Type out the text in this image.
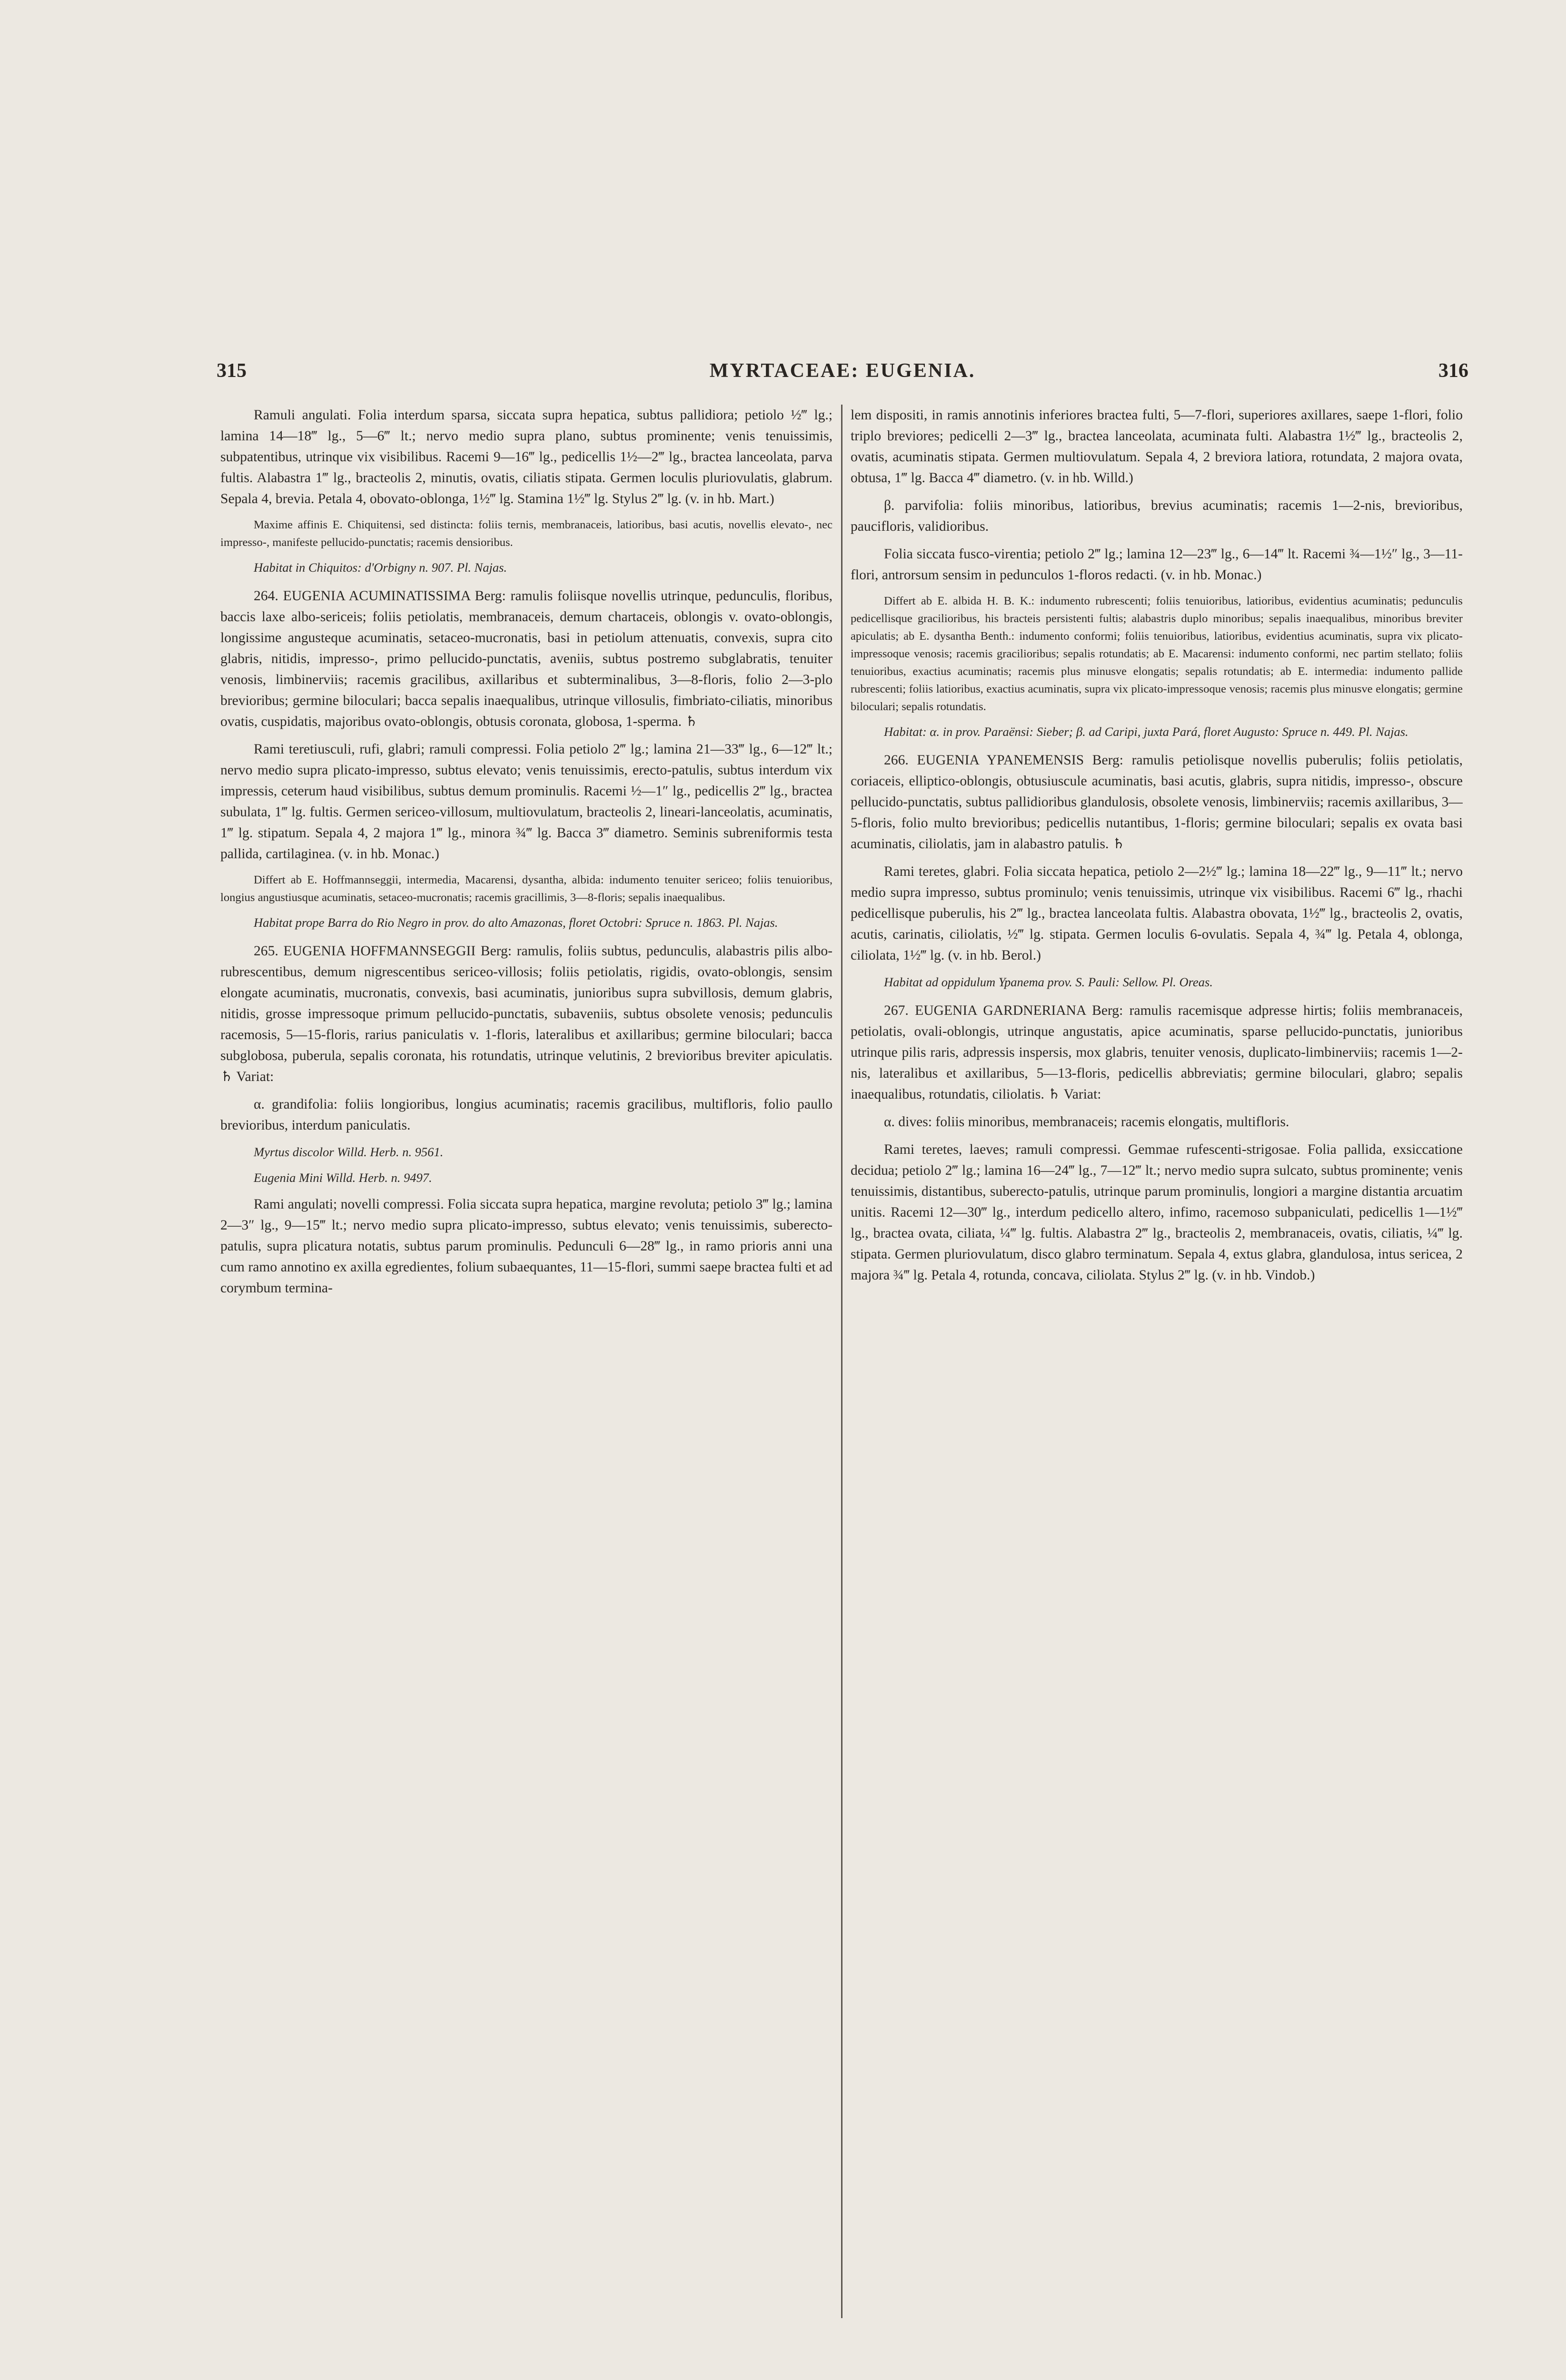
315	MYRTACEAE: EUGENIA.	316

Ramuli angulati. Folia interdum sparsa, siccata supra hepatica, subtus pallidiora; petiolo ½‴ lg.; lamina 14—18‴ lg., 5—6‴ lt.; nervo medio supra plano, subtus prominente; venis tenuissimis, subpatentibus, utrinque vix visibilibus. Racemi 9—16‴ lg., pedicellis 1½—2‴ lg., bractea lanceolata, parva fultis. Alabastra 1‴ lg., bracteolis 2, minutis, ovatis, ciliatis stipata. Germen loculis pluriovulatis, glabrum. Sepala 4, brevia. Petala 4, obovato-oblonga, 1½‴ lg. Stamina 1½‴ lg. Stylus 2‴ lg. (v. in hb. Mart.)

Maxime affinis E. Chiquitensi, sed distincta: foliis ternis, membranaceis, latioribus, basi acutis, novellis elevato-, nec impresso-, manifeste pellucido-punctatis; racemis densioribus.

Habitat in Chiquitos: d'Orbigny n. 907. Pl. Najas.

264. EUGENIA ACUMINATISSIMA Berg: ramulis foliisque novellis utrinque, pedunculis, floribus, baccis laxe albo-sericeis; foliis petiolatis, membranaceis, demum chartaceis, oblongis v. ovato-oblongis, longissime angusteque acuminatis, setaceo-mucronatis, basi in petiolum attenuatis, convexis, supra cito glabris, nitidis, impresso-, primo pellucido-punctatis, aveniis, subtus postremo subglabratis, tenuiter venosis, limbinerviis; racemis gracilibus, axillaribus et subterminalibus, 3—8-floris, folio 2—3-plo brevioribus; germine biloculari; bacca sepalis inaequalibus, utrinque villosulis, fimbriato-ciliatis, minoribus ovatis, cuspidatis, majoribus ovato-oblongis, obtusis coronata, globosa, 1-sperma. ♄

Rami teretiusculi, rufi, glabri; ramuli compressi. Folia petiolo 2‴ lg.; lamina 21—33‴ lg., 6—12‴ lt.; nervo medio supra plicato-impresso, subtus elevato; venis tenuissimis, erecto-patulis, subtus interdum vix impressis, ceterum haud visibilibus, subtus demum prominulis. Racemi ½—1″ lg., pedicellis 2‴ lg., bractea subulata, 1‴ lg. fultis. Germen sericeo-villosum, multiovulatum, bracteolis 2, lineari-lanceolatis, acuminatis, 1‴ lg. stipatum. Sepala 4, 2 majora 1‴ lg., minora ¾‴ lg. Bacca 3‴ diametro. Seminis subreniformis testa pallida, cartilaginea. (v. in hb. Monac.)

Differt ab E. Hoffmannseggii, intermedia, Macarensi, dysantha, albida: indumento tenuiter sericeo; foliis tenuioribus, longius angustiusque acuminatis, setaceo-mucronatis; racemis gracillimis, 3—8-floris; sepalis inaequalibus.

Habitat prope Barra do Rio Negro in prov. do alto Amazonas, floret Octobri: Spruce n. 1863. Pl. Najas.

265. EUGENIA HOFFMANNSEGGII Berg: ramulis, foliis subtus, pedunculis, alabastris pilis albo-rubrescentibus, demum nigrescentibus sericeo-villosis; foliis petiolatis, rigidis, ovato-oblongis, sensim elongate acuminatis, mucronatis, convexis, basi acuminatis, junioribus supra subvillosis, demum glabris, nitidis, grosse impressoque primum pellucido-punctatis, subaveniis, subtus obsolete venosis; pedunculis racemosis, 5—15-floris, rarius paniculatis v. 1-floris, lateralibus et axillaribus; germine biloculari; bacca subglobosa, puberula, sepalis coronata, his rotundatis, utrinque velutinis, 2 brevioribus breviter apiculatis. ♄ Variat:

α. grandifolia: foliis longioribus, longius acuminatis; racemis gracilibus, multifloris, folio paullo brevioribus, interdum paniculatis.

Myrtus discolor Willd. Herb. n. 9561.

Eugenia Mini Willd. Herb. n. 9497.

Rami angulati; novelli compressi. Folia siccata supra hepatica, margine revoluta; petiolo 3‴ lg.; lamina 2—3″ lg., 9—15‴ lt.; nervo medio supra plicato-impresso, subtus elevato; venis tenuissimis, suberecto-patulis, supra plicatura notatis, subtus parum prominulis. Pedunculi 6—28‴ lg., in ramo prioris anni una cum ramo annotino ex axilla egredientes, folium subaequantes, 11—15-flori, summi saepe bractea fulti et ad corymbum termina-

lem dispositi, in ramis annotinis inferiores bractea fulti, 5—7-flori, superiores axillares, saepe 1-flori, folio triplo breviores; pedicelli 2—3‴ lg., bractea lanceolata, acuminata fulti. Alabastra 1½‴ lg., bracteolis 2, ovatis, acuminatis stipata. Germen multiovulatum. Sepala 4, 2 breviora latiora, rotundata, 2 majora ovata, obtusa, 1‴ lg. Bacca 4‴ diametro. (v. in hb. Willd.)

β. parvifolia: foliis minoribus, latioribus, brevius acuminatis; racemis 1—2-nis, brevioribus, paucifloris, validioribus.

Folia siccata fusco-virentia; petiolo 2‴ lg.; lamina 12—23‴ lg., 6—14‴ lt. Racemi ¾—1½″ lg., 3—11-flori, antrorsum sensim in pedunculos 1-floros redacti. (v. in hb. Monac.)

Differt ab E. albida H. B. K.: indumento rubrescenti; foliis tenuioribus, latioribus, evidentius acuminatis; pedunculis pedicellisque gracilioribus, his bracteis persistenti fultis; alabastris duplo minoribus; sepalis inaequalibus, minoribus breviter apiculatis; ab E. dysantha Benth.: indumento conformi; foliis tenuioribus, latioribus, evidentius acuminatis, supra vix plicato-impressoque venosis; racemis gracilioribus; sepalis rotundatis; ab E. Macarensi: indumento conformi, nec partim stellato; foliis tenuioribus, exactius acuminatis; racemis plus minusve elongatis; sepalis rotundatis; ab E. intermedia: indumento pallide rubrescenti; foliis latioribus, exactius acuminatis, supra vix plicato-impressoque venosis; racemis plus minusve elongatis; germine biloculari; sepalis rotundatis.

Habitat: α. in prov. Paraënsi: Sieber; β. ad Caripi, juxta Pará, floret Augusto: Spruce n. 449. Pl. Najas.

266. EUGENIA YPANEMENSIS Berg: ramulis petiolisque novellis puberulis; foliis petiolatis, coriaceis, elliptico-oblongis, obtusiuscule acuminatis, basi acutis, glabris, supra nitidis, impresso-, obscure pellucido-punctatis, subtus pallidioribus glandulosis, obsolete venosis, limbinerviis; racemis axillaribus, 3—5-floris, folio multo brevioribus; pedicellis nutantibus, 1-floris; germine biloculari; sepalis ex ovata basi acuminatis, ciliolatis, jam in alabastro patulis. ♄

Rami teretes, glabri. Folia siccata hepatica, petiolo 2—2½‴ lg.; lamina 18—22‴ lg., 9—11‴ lt.; nervo medio supra impresso, subtus prominulo; venis tenuissimis, utrinque vix visibilibus. Racemi 6‴ lg., rhachi pedicellisque puberulis, his 2‴ lg., bractea lanceolata fultis. Alabastra obovata, 1½‴ lg., bracteolis 2, ovatis, acutis, carinatis, ciliolatis, ½‴ lg. stipata. Germen loculis 6-ovulatis. Sepala 4, ¾‴ lg. Petala 4, oblonga, ciliolata, 1½‴ lg. (v. in hb. Berol.)

Habitat ad oppidulum Ypanema prov. S. Pauli: Sellow. Pl. Oreas.

267. EUGENIA GARDNERIANA Berg: ramulis racemisque adpresse hirtis; foliis membranaceis, petiolatis, ovali-oblongis, utrinque angustatis, apice acuminatis, sparse pellucido-punctatis, junioribus utrinque pilis raris, adpressis inspersis, mox glabris, tenuiter venosis, duplicato-limbinerviis; racemis 1—2-nis, lateralibus et axillaribus, 5—13-floris, pedicellis abbreviatis; germine biloculari, glabro; sepalis inaequalibus, rotundatis, ciliolatis. ♄ Variat:

α. dives: foliis minoribus, membranaceis; racemis elongatis, multifloris.

Rami teretes, laeves; ramuli compressi. Gemmae rufescenti-strigosae. Folia pallida, exsiccatione decidua; petiolo 2‴ lg.; lamina 16—24‴ lg., 7—12‴ lt.; nervo medio supra sulcato, subtus prominente; venis tenuissimis, distantibus, suberecto-patulis, utrinque parum prominulis, longiori a margine distantia arcuatim unitis. Racemi 12—30‴ lg., interdum pedicello altero, infimo, racemoso subpaniculati, pedicellis 1—1½‴ lg., bractea ovata, ciliata, ¼‴ lg. fultis. Alabastra 2‴ lg., bracteolis 2, membranaceis, ovatis, ciliatis, ¼‴ lg. stipata. Germen pluriovulatum, disco glabro terminatum. Sepala 4, extus glabra, glandulosa, intus sericea, 2 majora ¾‴ lg. Petala 4, rotunda, concava, ciliolata. Stylus 2‴ lg. (v. in hb. Vindob.)
